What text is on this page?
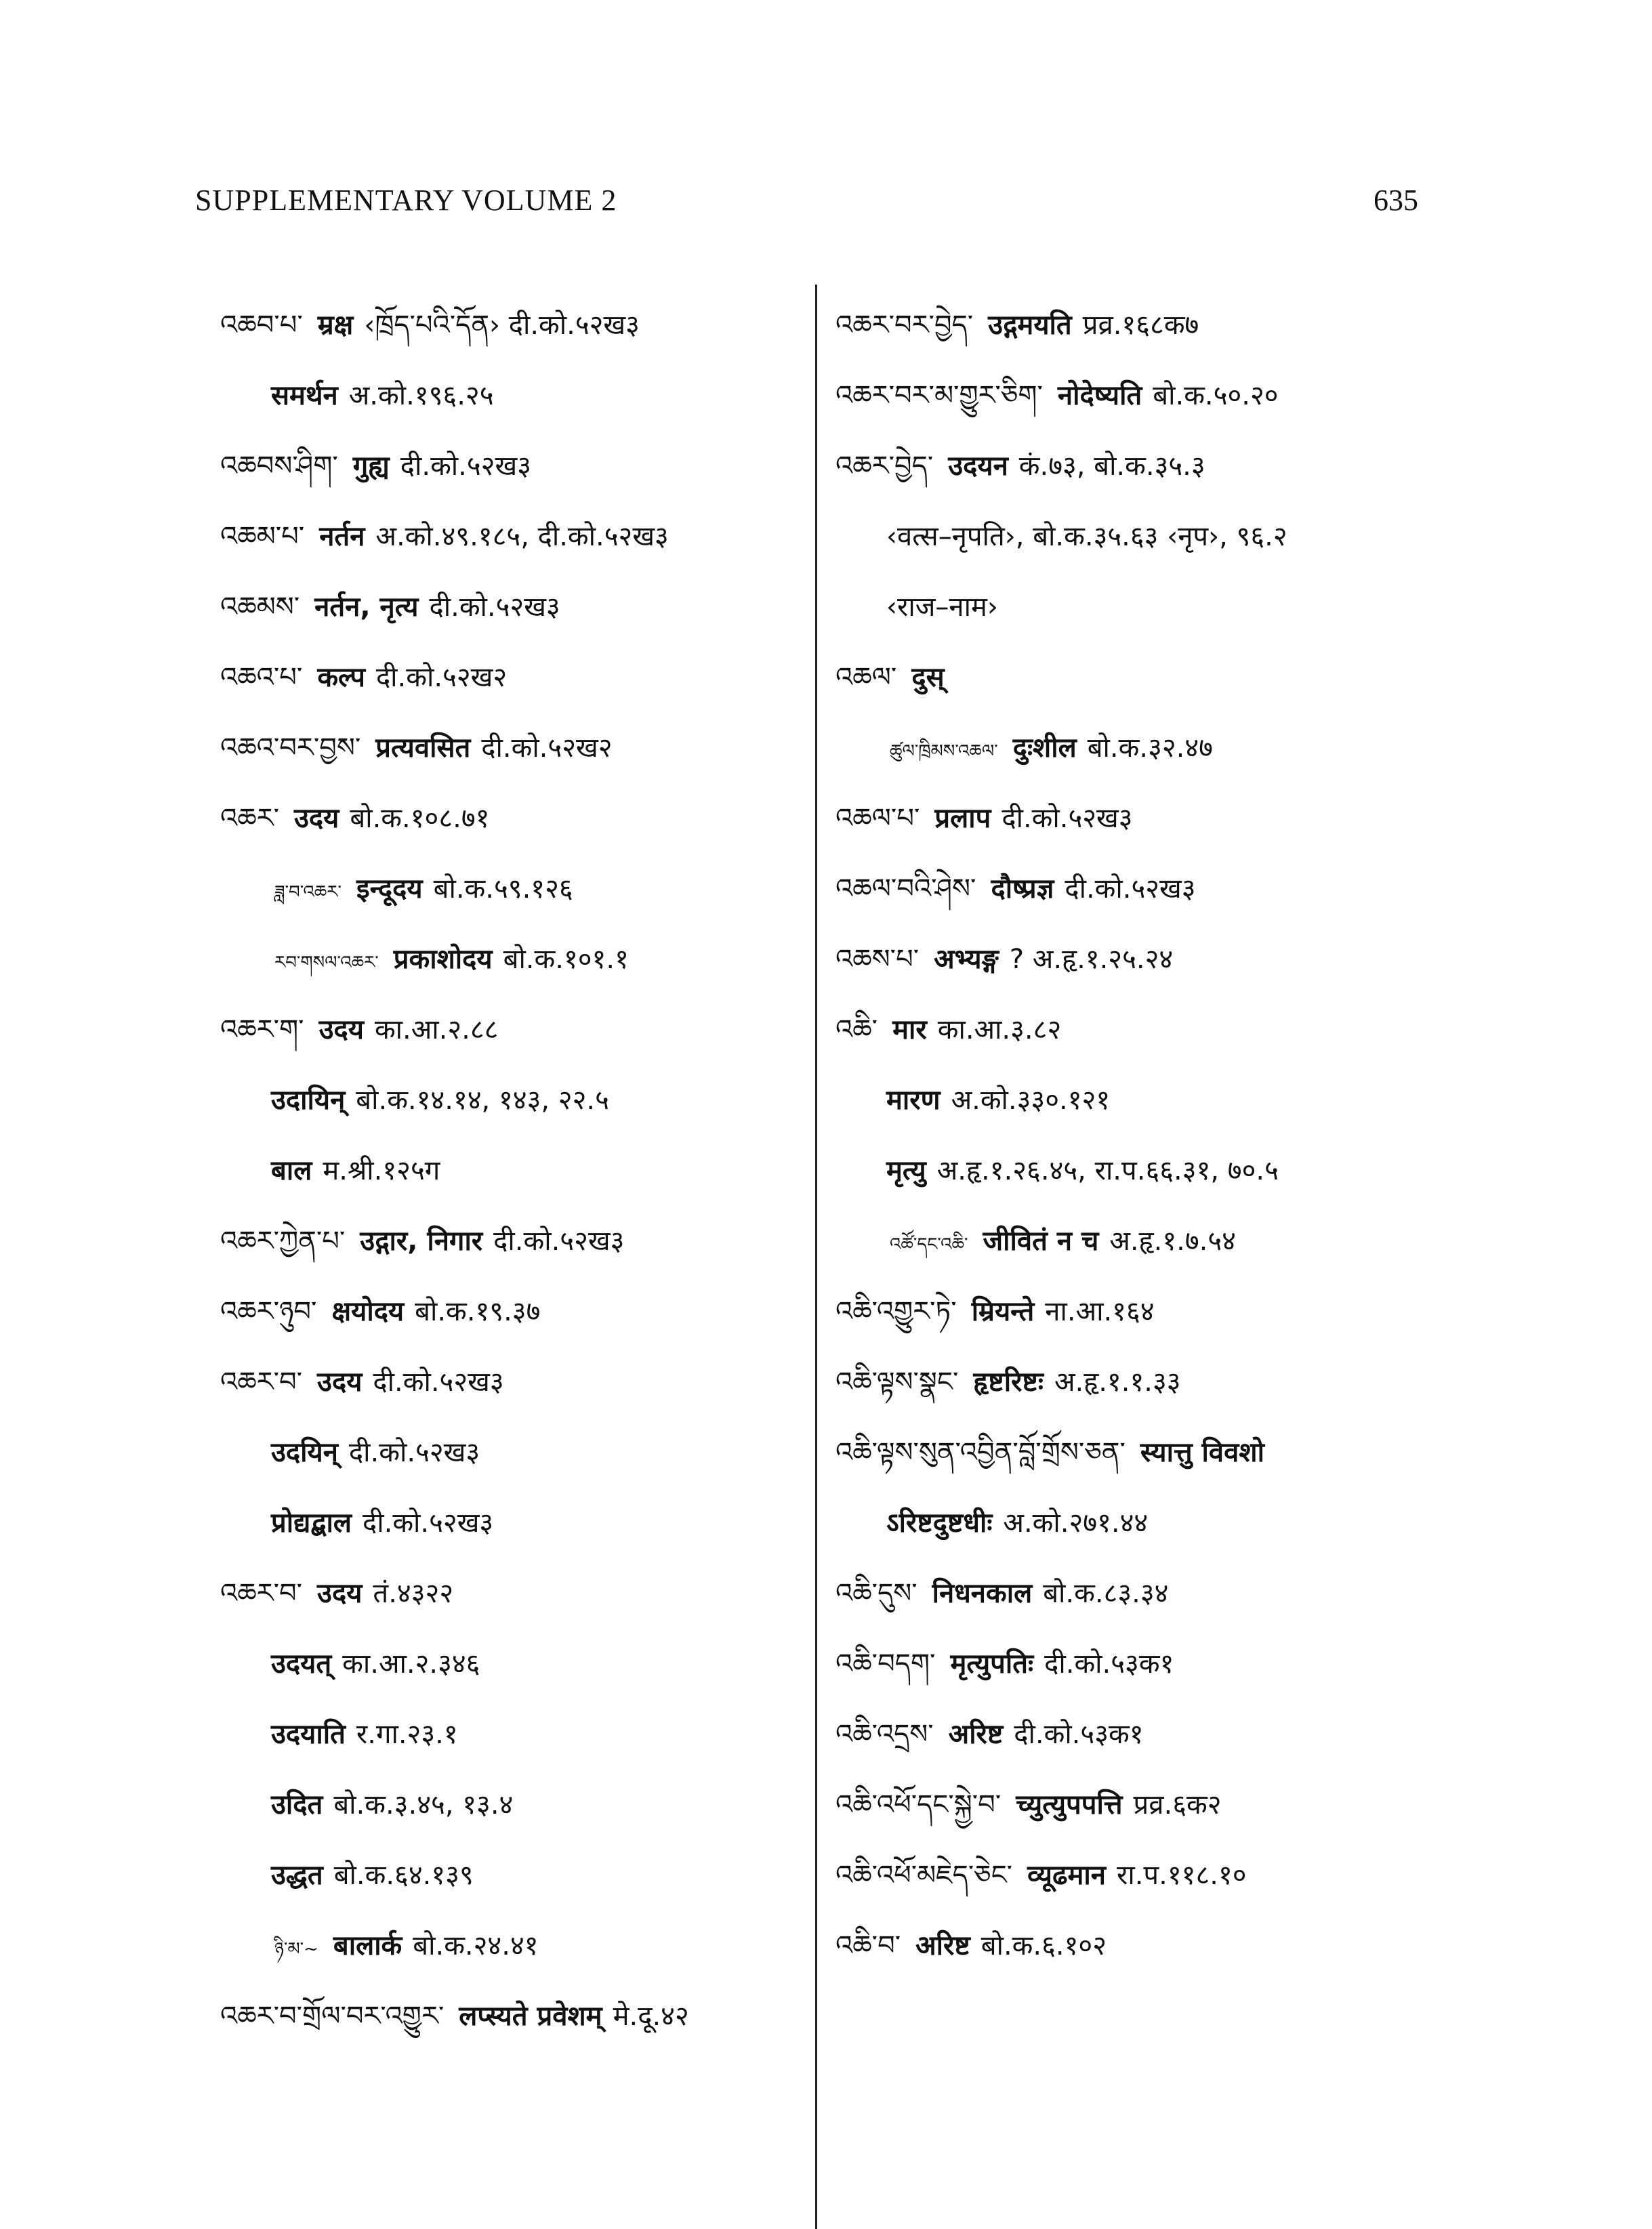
SUPPLEMENTARY VOLUME 2	635
འཆབ་པ་ म्रक्ष ‹ཁྲོད་པའི་དོན› दी.को.५२ख३
समर्थन अ.को.१९६.२५
འཆབས་ཤིག་ गुह्य दी.को.५२ख३
འཆམ་པ་ नर्तन अ.को.४९.१८५, दी.को.५२ख३
འཆམས་ नर्तन, नृत्य दी.को.५२ख३
འཆའ་པ་ कल्प दी.को.५२ख२
འཆའ་བར་བྱས་ प्रत्यवसित दी.को.५२ख२
འཆར་ उदय बो.क.१०८.७१
ཟླ་བ་འཆར་ इन्दूदय बो.क.५९.१२६
རབ་གསལ་འཆར་ प्रकाशोदय बो.क.१०१.१
འཆར་ག་ उदय का.आ.२.८८
उदायिन् बो.क.१४.१४, १४३, २२.५
बाल म.श्री.१२५ग
འཆར་ཀྱེན་པ་ उद्गार, निगार दी.को.५२ख३
འཆར་ཉུབ་ क्षयोदय बो.क.१९.३७
འཆར་བ་ उदय दी.को.५२ख३
उदयिन् दी.को.५२ख३
प्रोद्यद्बाल दी.को.५२ख३
འཆར་བ་ उदय तं.४३२२
उदयत् का.आ.२.३४६
उदयाति र.गा.२३.१
उदित बो.क.३.४५, १३.४
उद्धत बो.क.६४.१३९
ཉི་མ་~ बालार्क बो.क.२४.४१
འཆར་བ་གྲོལ་བར་འགྱུར་ लप्स्यते प्रवेशम् मे.दू.४२
འཆར་བར་བྱེད་ उद्गमयति प्रव्र.१६८क७
འཆར་བར་མ་གྱུར་ཅིག་ नोदेष्यति बो.क.५०.२०
འཆར་བྱེད་ उदयन कं.७३, बो.क.३५.३
‹वत्स–नृपति›, बो.क.३५.६३ ‹नृप›, ९६.२
‹राज–नाम›
འཆལ་ दुस्
ཚུལ་ཁྲིམས་འཆལ་ दुःशील बो.क.३२.४७
འཆལ་པ་ प्रलाप दी.को.५२ख३
འཆལ་བའི་ཤེས་ दौष्प्रज्ञ दी.को.५२ख३
འཆས་པ་ अभ्यङ्ग ? अ.हृ.१.२५.२४
འཆི་ मार का.आ.३.८२
मारण अ.को.३३०.१२१
मृत्यु अ.हृ.१.२६.४५, रा.प.६६.३१, ७०.५
འཚོ་དང་འཆི་ जीवितं न च अ.हृ.१.७.५४
འཆི་འགྱུར་ཏེ་ म्रियन्ते ना.आ.१६४
འཆི་ལྟས་སྣང་ हृष्टरिष्टः अ.हृ.१.१.३३
འཆི་ལྟས་སུན་འབྱིན་བློ་གྲོས་ཅན་ स्यात्तु विवशो
ऽरिष्टदुष्टधीः अ.को.२७१.४४
འཆི་དུས་ निधनकाल बो.क.८३.३४
འཆི་བདག་ मृत्युपतिः दी.को.५३क१
འཆི་འདྲས་ अरिष्ट दी.को.५३क१
འཆི་འཕོ་དང་སྐྱེ་བ་ च्युत्युपपत्ति प्रव्र.६क२
འཆི་འཕོ་མཇེད་ཅེང་ व्यूढमान रा.प.११८.१०
འཆི་བ་ अरिष्ट बो.क.६.१०२
